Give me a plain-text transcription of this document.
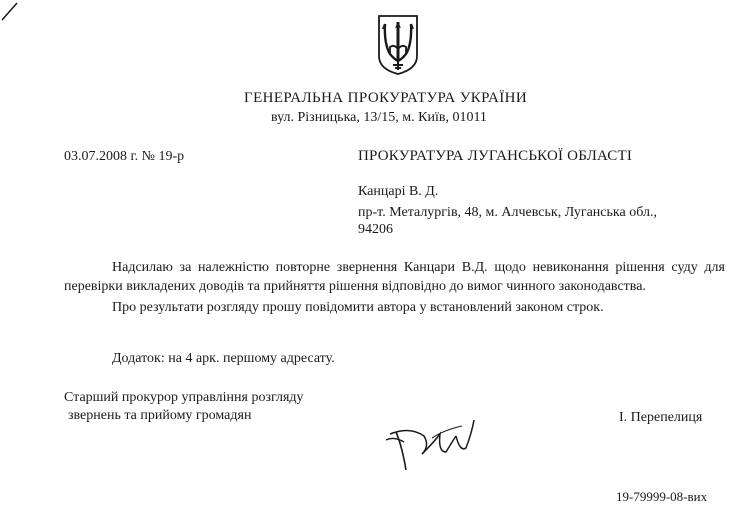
ГЕНЕРАЛЬНА ПРОКУРАТУРА УКРАЇНИ
вул. Різницька, 13/15, м. Київ, 01011
03.07.2008 г. № 19-р	ПРОКУРАТУРА ЛУГАНСЬКОЇ ОБЛАСТІ
Канцарі В. Д.
пр-т. Металургів, 48, м. Алчевськ, Луганська обл.,
94206

Надсилаю за належністю повторне звернення Канцари В.Д. щодо невиконання рішення суду для перевірки викладених доводів та прийняття рішення відповідно до вимог чинного законодавства.

Про результати розгляду прошу повідомити автора у встановлений законом строк.

Додаток: на 4 арк. першому адресату.
Старший прокурор управління розгляду
звернень та прийому громадян	І. Перепелиця
19-79999-08-вих
